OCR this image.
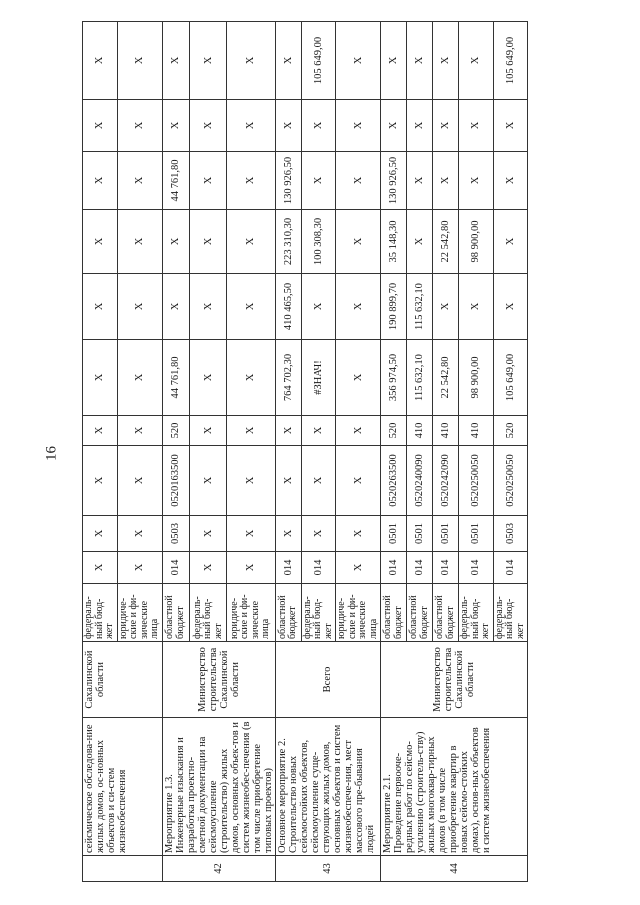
16
	сейсмическое обследова-ние жилых домов, ос-новных объектов и си-стем жизнеобеспечения	Сахалинской области	федераль-ный бюд-жет	X	X	X	X	X	X	X	X	X	X
			юридиче-ские и фи-зические лица	X	X	X	X	X	X	X	X	X	X
42	Мероприятие 1.3. Инженерные изыскания и разработка проектно-сметной документации на сейсмоусиление (строительство) жилых домов, основных объек-тов и систем жизнеобес-печения (в том числе приобретение типовых проектов)	Министерство строительства Сахалинской области	областной бюджет	014	0503	0520163500	520	44 761,80	X	X	44 761,80	X	X
			федераль-ный бюд-жет	X	X	X	X	X	X	X	X	X	X
			юридиче-ские и фи-зические лица	X	X	X	X	X	X	X	X	X	X
43	Основное мероприятие 2. Строительство новых сейсмостойких объектов, сейсмоусиление суще-ствующих жилых домов, основных объектов и систем жизнеобеспече-ния, мест массового пре-бывания людей	Всего	областной бюджет	014	X	X	X	764 702,30	410 465,50	223 310,30	130 926,50	X	X
			федераль-ный бюд-жет	014	X	X	X	#ЗНАЧ!	X	100 308,30	X	X	105 649,00
			юридиче-ские и фи-зические лица	X	X	X	X	X	X	X	X	X	X
44	Мероприятие 2.1. Проведение первооче-редных работ по сейсмо-усилению (строитель-ству) жилых многоквар-тирных домов (в том числе приобретение квартир в новых сейсмо-стойких домах), основ-ных объектов и систем жизнеобеспечения	Министерство строительства Сахалинской области	областной бюджет	014	0501	0520263500	520	356 974,50	190 899,70	35 148,30	130 926,50	X	X
			областной бюджет	014	0501	0520240090	410	115 632,10	115 632,10	X	X	X	X
			областной бюджет	014	0501	0520242090	410	22 542,80	X	22 542,80	X	X	X
			федераль-ный бюд-жет	014	0501	0520250050	410	98 900,00	X	98 900,00	X	X	X
			федераль-ный бюд-жет	014	0503	0520250050	520	105 649,00	X	X	X	X	105 649,00
